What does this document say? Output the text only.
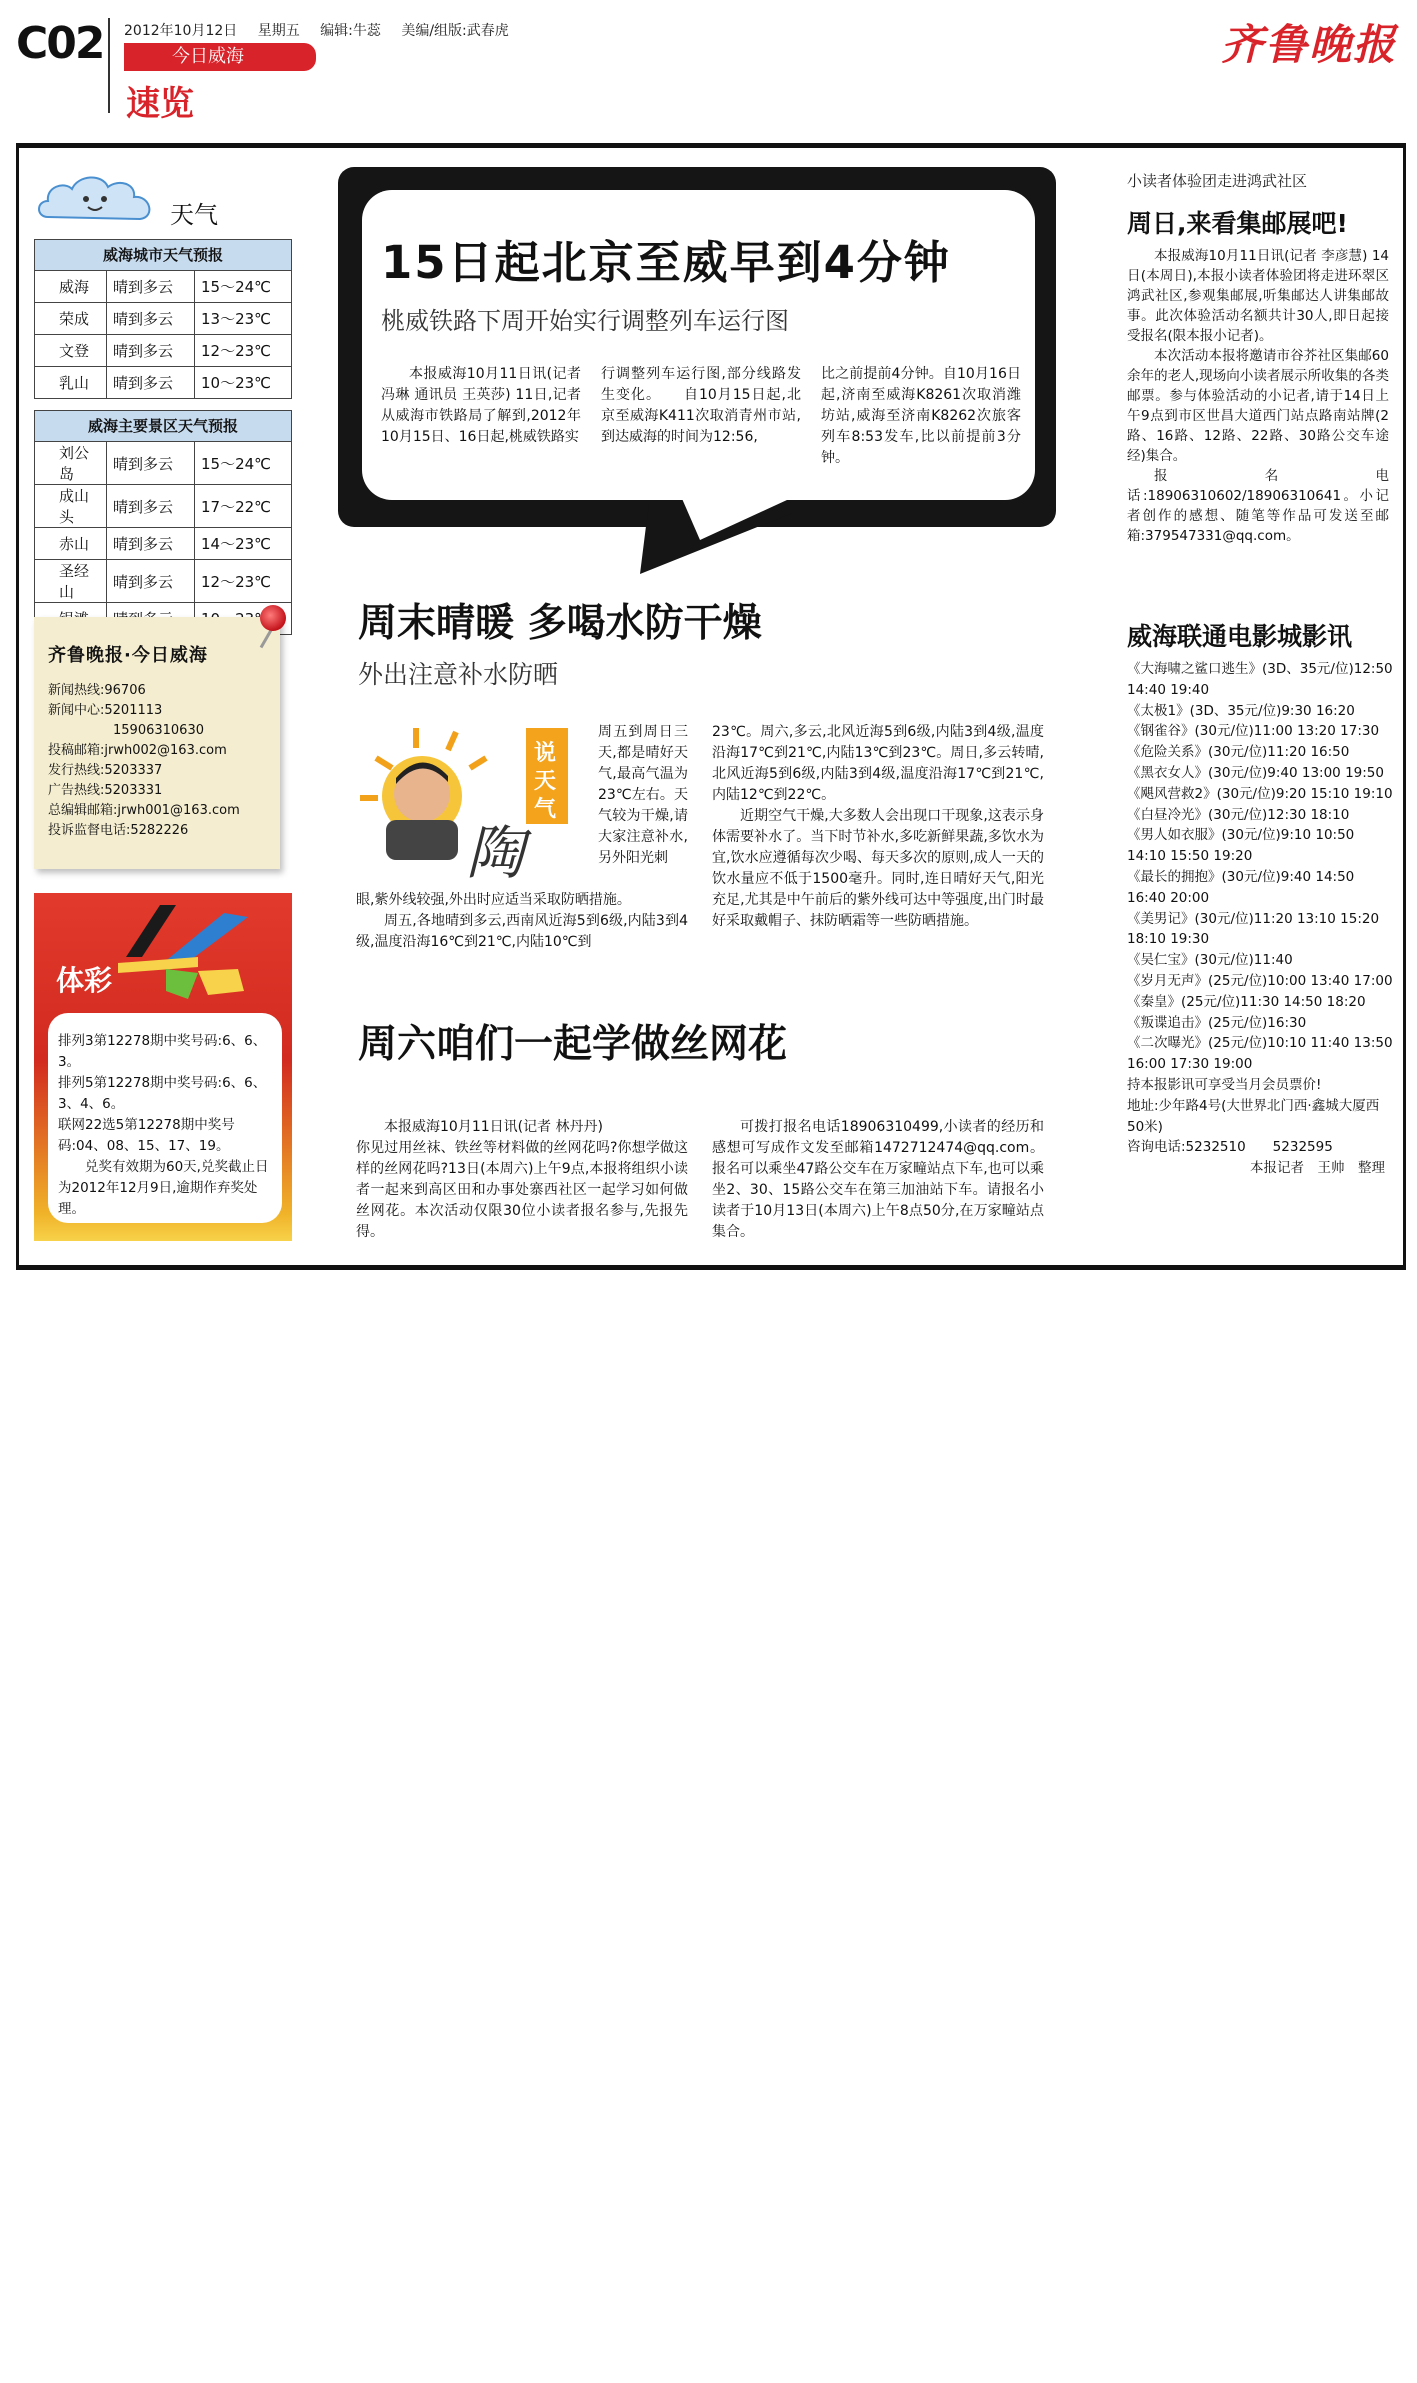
C02 2012年10月12日 星期五 编辑:牛蕊 美编/组版:武春虎
今日威海
速览
齐鲁晚报
天气
威海城市天气预报
威海	晴到多云	15～24℃
荣成	晴到多云	13～23℃
文登	晴到多云	12～23℃
乳山	晴到多云	10～23℃
威海主要景区天气预报
刘公岛	晴到多云	15～24℃
成山头	晴到多云	17～22℃
赤山	晴到多云	14～23℃
圣经山	晴到多云	12～23℃

齐鲁晚报·今日威海

新闻热线:96706

新闻中心:5201113

　　　　　15906310630

投稿邮箱:jrwh002@163.com

发行热线:5203337

广告热线:5203331

总编辑邮箱:jrwh001@163.com

投诉监督电话:5282226

体彩

排列3第12278期中奖号码:6、6、3。

排列5第12278期中奖号码:6、6、3、4、6。

联网22选5第12278期中奖号码:04、08、15、17、19。

兑奖有效期为60天,兑奖截止日为2012年12月9日,逾期作弃奖处理。

15日起北京至威早到4分钟
桃威铁路下周开始实行调整列车运行图
本报威海10月11日讯(记者 冯琳 通讯员 王英莎) 11日,记者从威海市铁路局了解到,2012年10月15日、16日起,桃威铁路实
行调整列车运行图,部分线路发生变化。　　自10月15日起,北京至威海K411次取消青州市站,到达威海的时间为12:56,
比之前提前4分钟。自10月16日起,济南至威海K8261次取消潍坊站,威海至济南K8262次旅客列车8:53发车,比以前提前3分钟。
周末晴暖 多喝水防干燥
外出注意补水防晒
陶
说
天
气
周五到周日三天,都是晴好天气,最高气温为23℃左右。天气较为干燥,请大家注意补水,另外阳光刺

眼,紫外线较强,外出时应适当采取防晒措施。

周五,各地晴到多云,西南风近海5到6级,内陆3到4级,温度沿海16℃到21℃,内陆10℃到

23℃。周六,多云,北风近海5到6级,内陆3到4级,温度沿海17℃到21℃,内陆13℃到23℃。周日,多云转晴,北风近海5到6级,内陆3到4级,温度沿海17℃到21℃,内陆12℃到22℃。

近期空气干燥,大多数人会出现口干现象,这表示身体需要补水了。当下时节补水,多吃新鲜果蔬,多饮水为宜,饮水应遵循每次少喝、每天多次的原则,成人一天的饮水量应不低于1500毫升。同时,连日晴好天气,阳光充足,尤其是中午前后的紫外线可达中等强度,出门时最好采取戴帽子、抹防晒霜等一些防晒措施。

周六咱们一起学做丝网花

本报威海10月11日讯(记者 林丹丹)

你见过用丝袜、铁丝等材料做的丝网花吗?你想学做这样的丝网花吗?13日(本周六)上午9点,本报将组织小读者一起来到高区田和办事处寨西社区一起学习如何做丝网花。本次活动仅限30位小读者报名参与,先报先得。

可拨打报名电话18906310499,小读者的经历和感想可写成作文发至邮箱1472712474@qq.com。报名可以乘坐47路公交车在万家疃站点下车,也可以乘坐2、30、15路公交车在第三加油站下车。请报名小读者于10月13日(本周六)上午8点50分,在万家疃站点集合。

小读者体验团走进鸿武社区
周日,来看集邮展吧!

本报威海10月11日讯(记者 李彦慧) 14日(本周日),本报小读者体验团将走进环翠区鸿武社区,参观集邮展,听集邮达人讲集邮故事。此次体验活动名额共计30人,即日起接受报名(限本报小记者)。

本次活动本报将邀请市谷芥社区集邮60余年的老人,现场向小读者展示所收集的各类邮票。参与体验活动的小记者,请于14日上午9点到市区世昌大道西门站点路南站牌(2路、16路、12路、22路、30路公交车途经)集合。

报名电话:18906310602/18906310641。小记者创作的感想、随笔等作品可发送至邮箱:379547331@qq.com。

威海联通电影城影讯

《大海啸之鲨口逃生》(3D、35元/位)12:50 14:40 19:40

《太极1》(3D、35元/位)9:30 16:20

《钢雀谷》(30元/位)11:00 13:20 17:30

《危险关系》(30元/位)11:20 16:50

《黑衣女人》(30元/位)9:40 13:00 19:50

《飓风营救2》(30元/位)9:20 15:10 19:10

《白昼冷光》(30元/位)12:30 18:10

《男人如衣服》(30元/位)9:10 10:50 14:10 15:50 19:20

《最长的拥抱》(30元/位)9:40 14:50 16:40 20:00

《美男记》(30元/位)11:20 13:10 15:20 18:10 19:30

《吴仁宝》(30元/位)11:40

《岁月无声》(25元/位)10:00 13:40 17:00

《秦皇》(25元/位)11:30 14:50 18:20

《叛谍追击》(25元/位)16:30

《二次曝光》(25元/位)10:10 11:40 13:50 16:00 17:30 19:00

持本报影讯可享受当月会员票价!

地址:少年路4号(大世界北门西·鑫城大厦西50米)

咨询电话:5232510　　5232595

本报记者　王帅　整理
